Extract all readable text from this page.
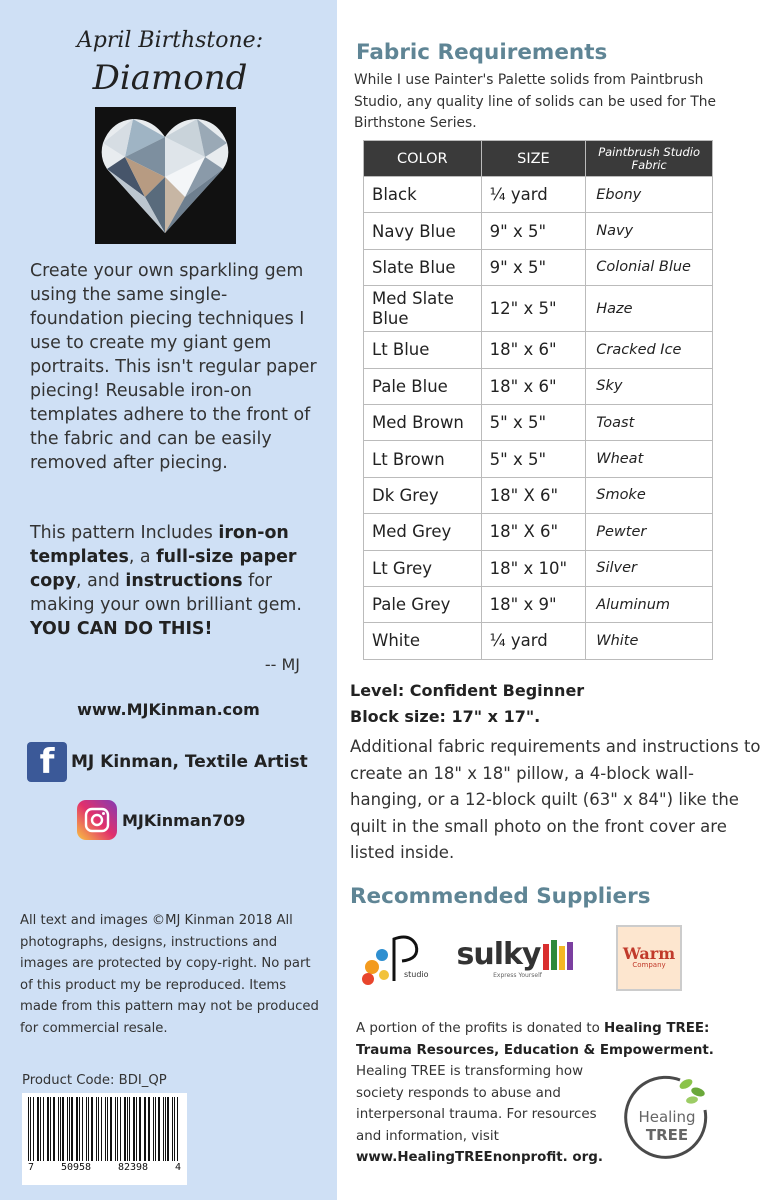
April Birthstone:
Diamond

Create your own sparkling gem using the same single-foundation piecing techniques I use to create my giant gem portraits. This isn't regular paper piecing! Reusable iron-on templates adhere to the front of the fabric and can be easily removed after piecing.

This pattern Includes iron-on templates, a full-size paper copy, and instructions for making your own brilliant gem. YOU CAN DO THIS!

-- MJ
www.MJKinman.com
f MJ Kinman, Textile Artist
MJKinman709

All text and images ©MJ Kinman 2018 All photographs, designs, instructions and images are protected by copy-right. No part of this product my be reproduced. Items made from this pattern may not be produced for commercial resale.

Product Code: BDI_QP
7	50958	82398	4
Fabric Requirements

While I use Painter's Palette solids from Paintbrush Studio, any quality line of solids can be used for The Birthstone Series.

COLOR	SIZE	Paintbrush Studio Fabric
Black	¼ yard	Ebony
Navy Blue	9" x 5"	Navy
Slate Blue	9" x 5"	Colonial Blue
Med Slate Blue	12" x 5"	Haze
Lt Blue	18" x 6"	Cracked Ice
Pale Blue	18" x 6"	Sky
Med Brown	5" x 5"	Toast
Lt Brown	5" x 5"	Wheat
Dk Grey	18" X 6"	Smoke
Med Grey	18" X 6"	Pewter
Lt Grey	18" x 10"	Silver
Pale Grey	18" x 9"	Aluminum
White	¼ yard	White
Level: Confident Beginner
Block size: 17" x 17".

Additional fabric requirements and instructions to create an 18" x 18" pillow, a 4-block wall-hanging, or a 12-block quilt (63" x 84") like the quilt in the small photo on the front cover are listed inside.

Recommended Suppliers
studio
sulky
Express Yourself
Warm
Company

A portion of the profits is donated to Healing TREE: Trauma Resources, Education & Empowerment.

Healing TREE is transforming how society responds to abuse and interpersonal trauma. For resources and information, visit www.HealingTREEnonprofit. org.

Healing
TREE
